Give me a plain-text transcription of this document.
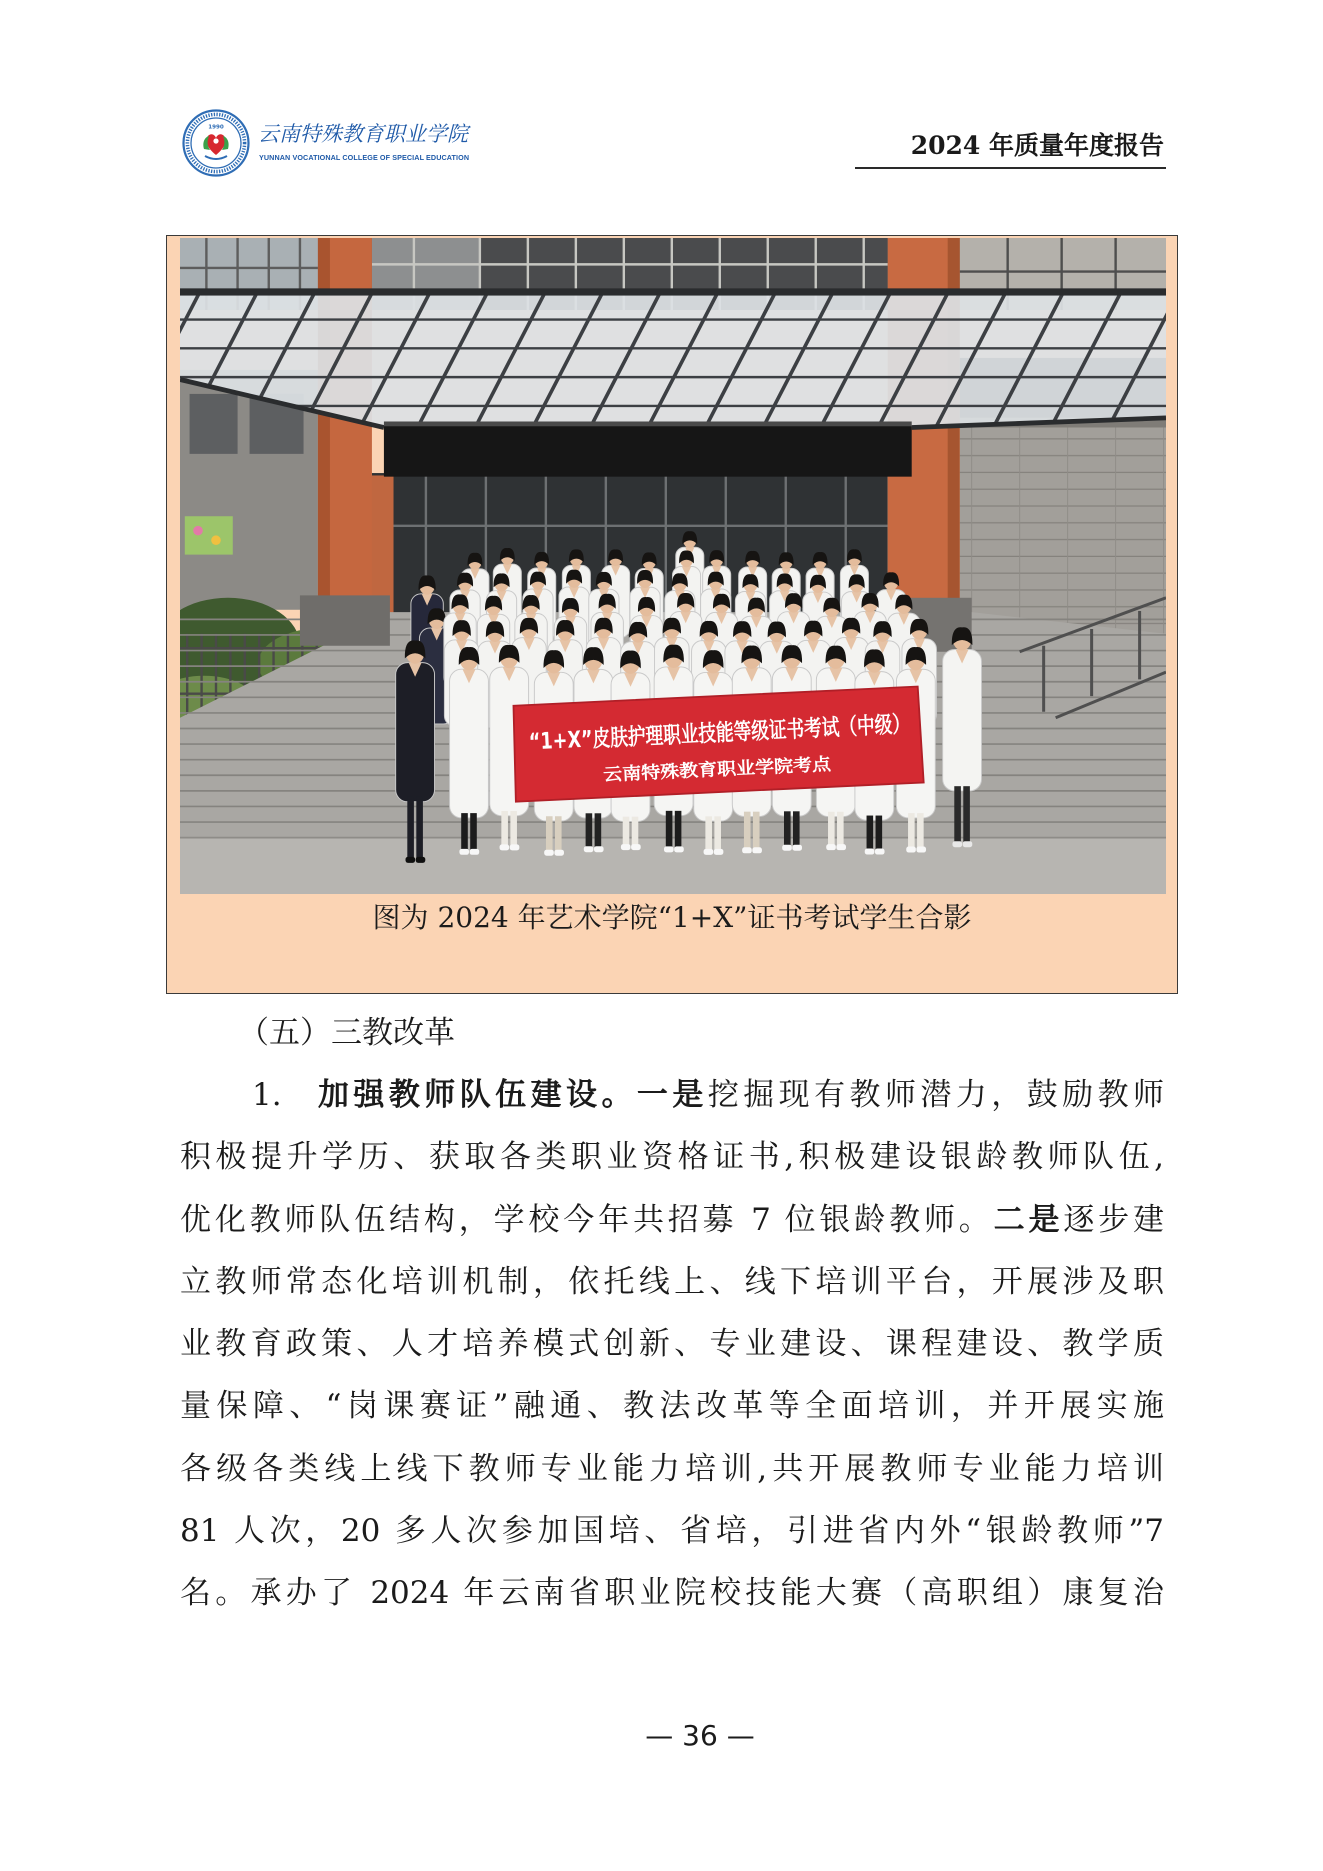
1990 云南特殊教育职业学院
YUNNAN VOCATIONAL COLLEGE OF SPECIAL EDUCATION	2024 年质量年度报告
“1+X”皮肤护理职业技能等级证书考试（中级）
云南特殊教育职业学院考点
图为 2024 年艺术学院“1+X”证书考试学生合影
（五）三教改革
1.	加强教师队伍建设。一是挖掘现有教师潜力，鼓励教师
积极提升学历、获取各类职业资格证书,积极建设银龄教师队伍,
优化教师队伍结构，学校今年共招募 7 位银龄教师。二是逐步建
立教师常态化培训机制，依托线上、线下培训平台，开展涉及职
业教育政策、人才培养模式创新、专业建设、课程建设、教学质
量保障、“岗课赛证”融通、教法改革等全面培训，并开展实施
各级各类线上线下教师专业能力培训,共开展教师专业能力培训
81 人次，20 多人次参加国培、省培，引进省内外“银龄教师”7
名。承办了 2024 年云南省职业院校技能大赛（高职组）康复治
— 36 —
